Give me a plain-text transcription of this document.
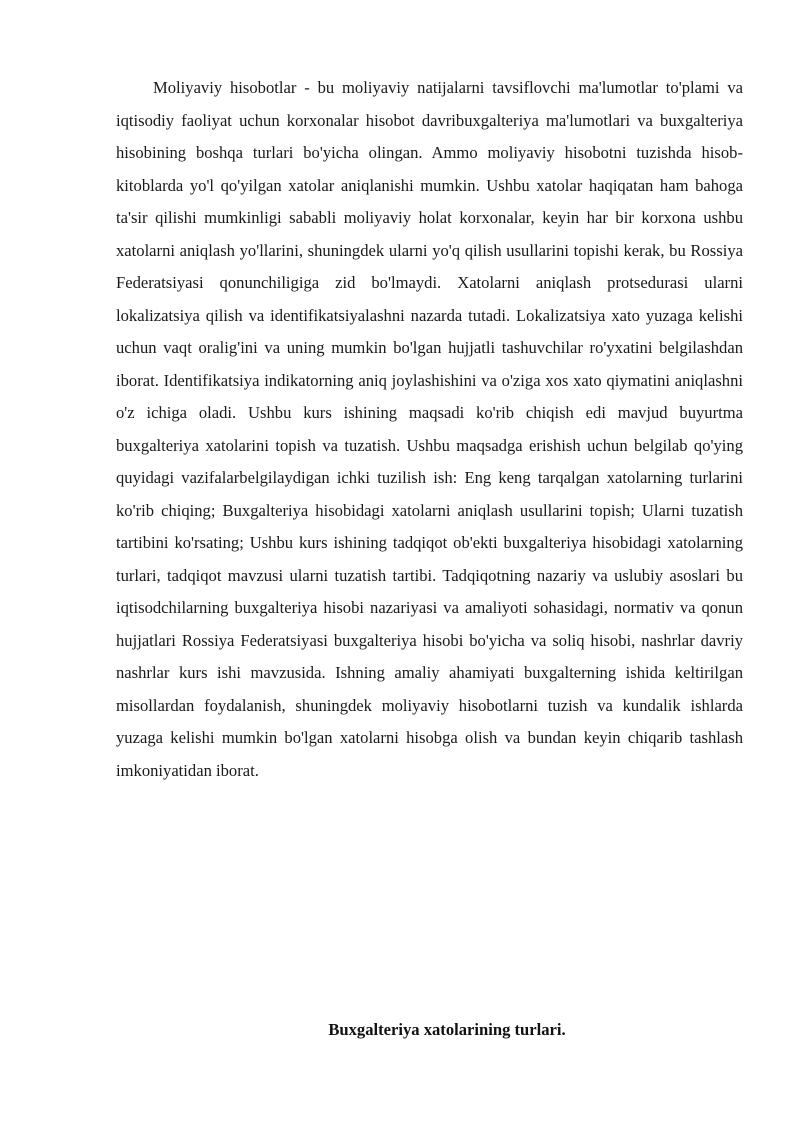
Moliyaviy hisobotlar - bu moliyaviy natijalarni tavsiflovchi ma'lumotlar to'plami va iqtisodiy faoliyat uchun korxonalar hisobot davribuxgalteriya ma'lumotlari va buxgalteriya hisobining boshqa turlari bo'yicha olingan. Ammo moliyaviy hisobotni tuzishda hisob-kitoblarda yo'l qo'yilgan xatolar aniqlanishi mumkin. Ushbu xatolar haqiqatan ham bahoga ta'sir qilishi mumkinligi sababli moliyaviy holat korxonalar, keyin har bir korxona ushbu xatolarni aniqlash yo'llarini, shuningdek ularni yo'q qilish usullarini topishi kerak, bu Rossiya Federatsiyasi qonunchiligiga zid bo'lmaydi. Xatolarni aniqlash protsedurasi ularni lokalizatsiya qilish va identifikatsiyalashni nazarda tutadi. Lokalizatsiya xato yuzaga kelishi uchun vaqt oralig'ini va uning mumkin bo'lgan hujjatli tashuvchilar ro'yxatini belgilashdan iborat. Identifikatsiya indikatorning aniq joylashishini va o'ziga xos xato qiymatini aniqlashni o'z ichiga oladi. Ushbu kurs ishining maqsadi ko'rib chiqish edi mavjud buyurtma buxgalteriya xatolarini topish va tuzatish. Ushbu maqsadga erishish uchun belgilab qo'ying quyidagi vazifalarbelgilaydigan ichki tuzilish ish: Eng keng tarqalgan xatolarning turlarini ko'rib chiqing; Buxgalteriya hisobidagi xatolarni aniqlash usullarini topish; Ularni tuzatish tartibini ko'rsating; Ushbu kurs ishining tadqiqot ob'ekti buxgalteriya hisobidagi xatolarning turlari, tadqiqot mavzusi ularni tuzatish tartibi. Tadqiqotning nazariy va uslubiy asoslari bu iqtisodchilarning buxgalteriya hisobi nazariyasi va amaliyoti sohasidagi, normativ va qonun hujjatlari Rossiya Federatsiyasi buxgalteriya hisobi bo'yicha va soliq hisobi, nashrlar davriy nashrlar kurs ishi mavzusida. Ishning amaliy ahamiyati buxgalterning ishida keltirilgan misollardan foydalanish, shuningdek moliyaviy hisobotlarni tuzish va kundalik ishlarda yuzaga kelishi mumkin bo'lgan xatolarni hisobga olish va bundan keyin chiqarib tashlash imkoniyatidan iborat.

Buxgalteriya xatolarining turlari.
